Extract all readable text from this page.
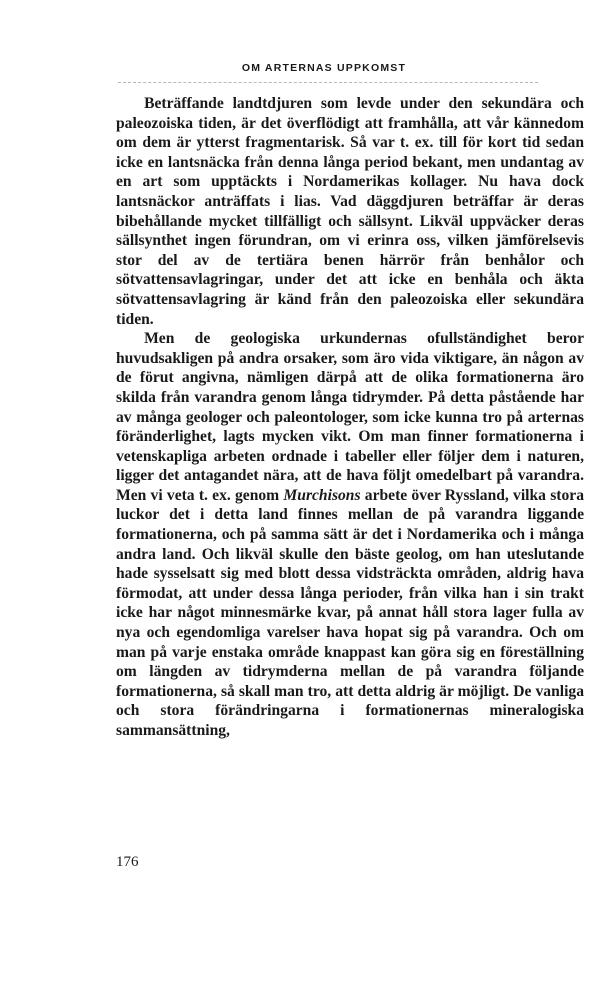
OM ARTERNAS UPPKOMST

Beträffande landtdjuren som levde under den sekundära och paleozoiska tiden, är det överflödigt att framhålla, att vår kännedom om dem är ytterst fragmentarisk. Så var t. ex. till för kort tid sedan icke en lantsnäcka från denna långa period bekant, men undantag av en art som upptäckts i Nordamerikas kollager. Nu hava dock lantsnäckor anträffats i lias. Vad däggdjuren beträffar är deras bibehållande mycket tillfälligt och sällsynt. Likväl uppväcker deras sällsynthet ingen förundran, om vi erinra oss, vilken jämförelsevis stor del av de tertiära benen härrör från benhålor och sötvattensavlagringar, under det att icke en benhåla och äkta sötvattensavlagring är känd från den paleozoiska eller sekundära tiden.

Men de geologiska urkundernas ofullständighet beror huvudsakligen på andra orsaker, som äro vida viktigare, än någon av de förut angivna, nämligen därpå att de olika formationerna äro skilda från varandra genom långa tidrymder. På detta påstående har av många geologer och paleontologer, som icke kunna tro på arternas föränderlighet, lagts mycken vikt. Om man finner formationerna i vetenskapliga arbeten ordnade i tabeller eller följer dem i naturen, ligger det antagandet nära, att de hava följt omedelbart på varandra. Men vi veta t. ex. genom Murchisons arbete över Ryssland, vilka stora luckor det i detta land finnes mellan de på varandra liggande formationerna, och på samma sätt är det i Nordamerika och i många andra land. Och likväl skulle den bäste geolog, om han uteslutande hade sysselsatt sig med blott dessa vidsträckta områden, aldrig hava förmodat, att under dessa långa perioder, från vilka han i sin trakt icke har något minnesmärke kvar, på annat håll stora lager fulla av nya och egendomliga varelser hava hopat sig på varandra. Och om man på varje enstaka område knappast kan göra sig en föreställning om längden av tidrymderna mellan de på varandra följande formationerna, så skall man tro, att detta aldrig är möjligt. De vanliga och stora förändringarna i formationernas mineralogiska sammansättning,

176
